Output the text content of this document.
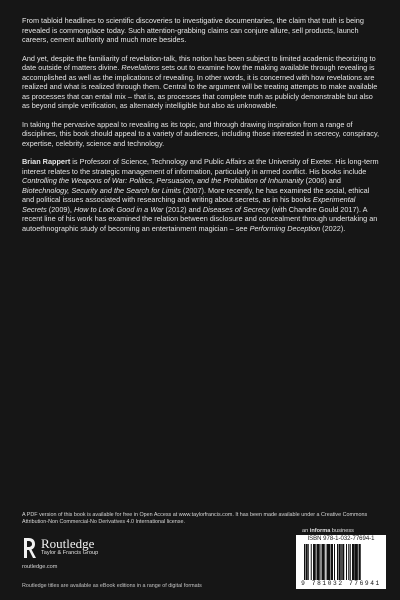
From tabloid headlines to scientific discoveries to investigative documentaries, the claim that truth is being revealed is commonplace today. Such attention-grabbing claims can conjure allure, sell products, launch careers, cement authority and much more besides.

And yet, despite the familiarity of revelation-talk, this notion has been subject to limited academic theorizing to date outside of matters divine. Revelations sets out to examine how the making available through revealing is accomplished as well as the implications of revealing. In other words, it is concerned with how revelations are realized and what is realized through them. Central to the argument will be treating attempts to make available as processes that can entail mix – that is, as processes that complete truth as publicly demonstrable but also as beyond simple verification, as alternately intelligible but also as unknowable.

In taking the pervasive appeal to revealing as its topic, and through drawing inspiration from a range of disciplines, this book should appeal to a variety of audiences, including those interested in secrecy, conspiracy, expertise, celebrity, science and technology.

Brian Rappert is Professor of Science, Technology and Public Affairs at the University of Exeter. His long-term interest relates to the strategic management of information, particularly in armed conflict. His books include Controlling the Weapons of War: Politics, Persuasion, and the Prohibition of Inhumanity (2006) and Biotechnology, Security and the Search for Limits (2007). More recently, he has examined the social, ethical and political issues associated with researching and writing about secrets, as in his books Experimental Secrets (2009), How to Look Good in a War (2012) and Diseases of Secrecy (with Chandre Gould 2017). A recent line of his work has examined the relation between disclosure and concealment through undertaking an autoethnographic study of becoming an entertainment magician – see Performing Deception (2022).

A PDF version of this book is available for free in Open Access at www.taylorfrancis.com. It has been made available under a Creative Commons Attribution-Non Commercial-No Derivatives 4.0 International license.

Routledge
Taylor & Francis Group
routledge.com
Routledge titles are available as eBook editions in a range of digital formats
an informa business
ISBN 978-1-032-77694-1
9 781032 776941
